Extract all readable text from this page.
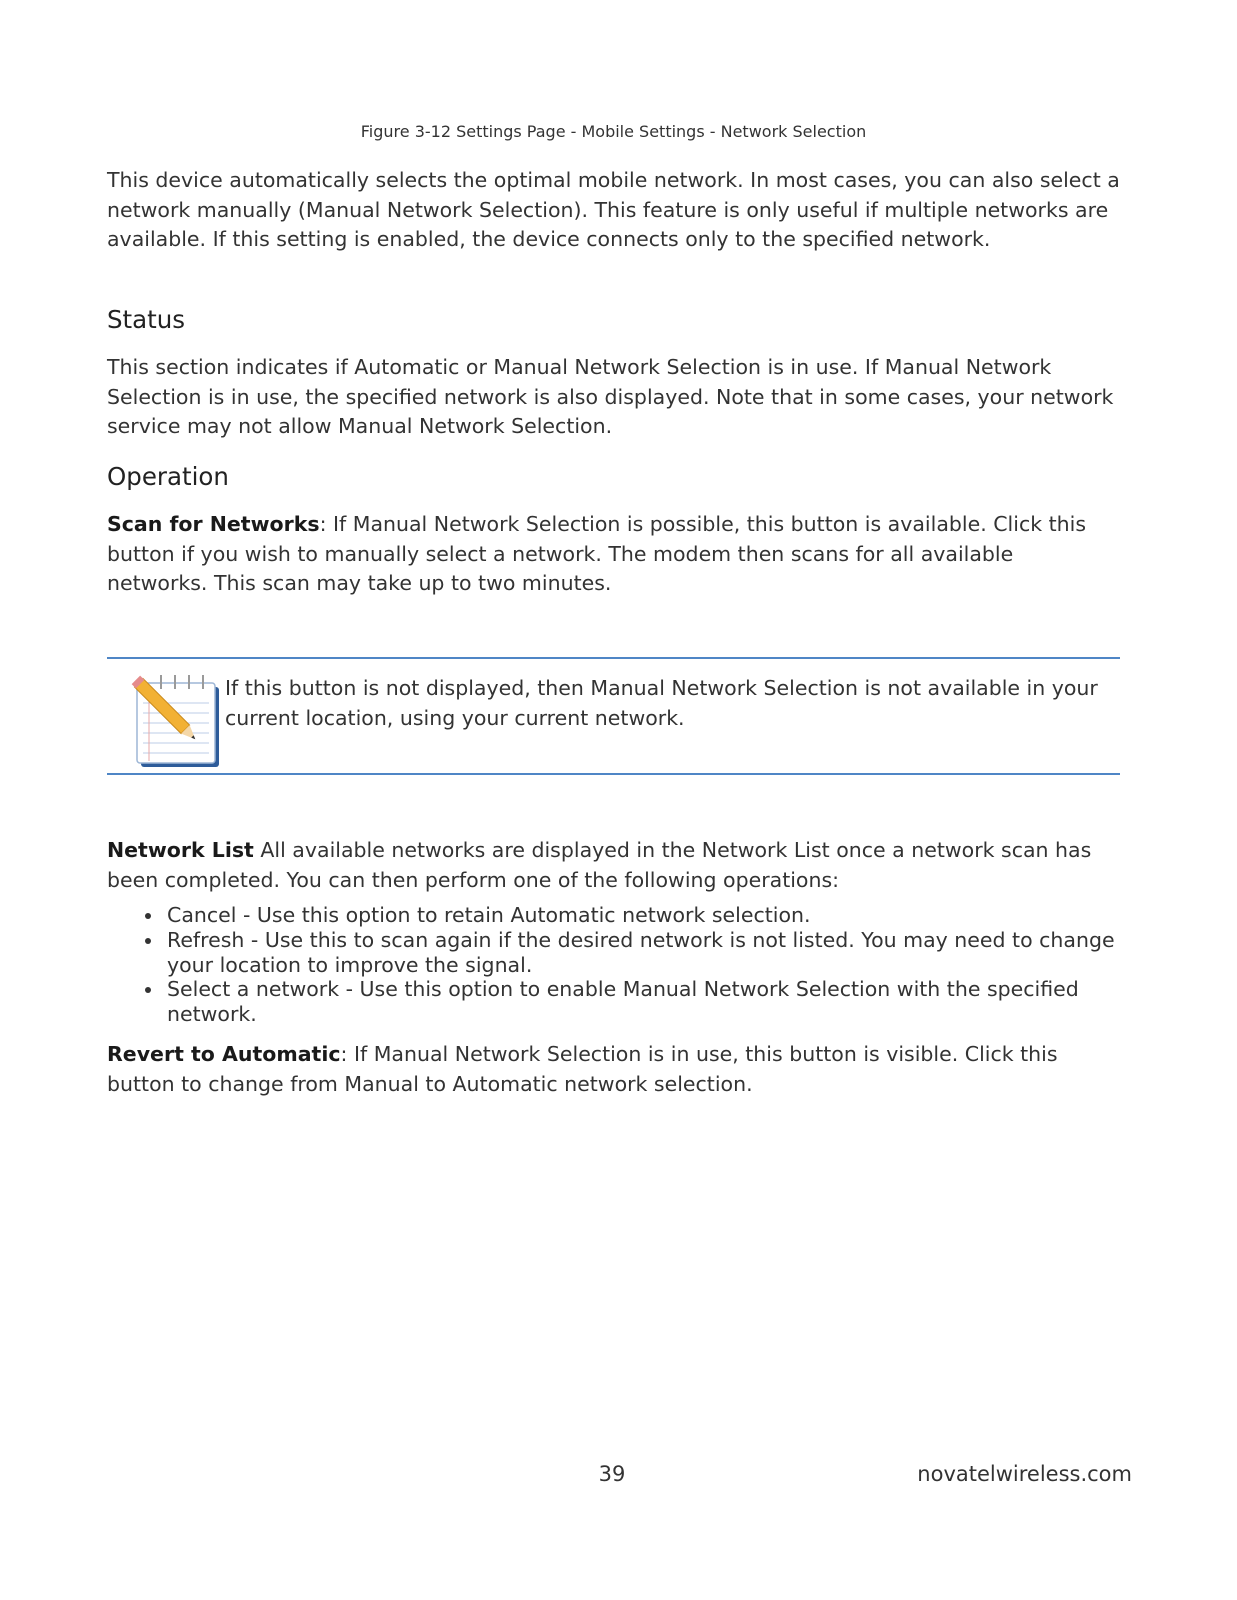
Figure 3-12 Settings Page - Mobile Settings - Network Selection

This device automatically selects the optimal mobile network. In most cases, you can also select a network manually (Manual Network Selection). This feature is only useful if multiple networks are available. If this setting is enabled, the device connects only to the specified network.

Status

This section indicates if Automatic or Manual Network Selection is in use. If Manual Network Selection is in use, the specified network is also displayed. Note that in some cases, your network service may not allow Manual Network Selection.

Operation

Scan for Networks: If Manual Network Selection is possible, this button is available. Click this button if you wish to manually select a network. The modem then scans for all available networks. This scan may take up to two minutes.

If this button is not displayed, then Manual Network Selection is not available in your current location, using your current network.

Network List All available networks are displayed in the Network List once a network scan has been completed. You can then perform one of the following operations:

Cancel - Use this option to retain Automatic network selection.
Refresh - Use this to scan again if the desired network is not listed. You may need to change your location to improve the signal.
Select a network - Use this option to enable Manual Network Selection with the specified network.

Revert to Automatic: If Manual Network Selection is in use, this button is visible. Click this button to change from Manual to Automatic network selection.

39	novatelwireless.com
